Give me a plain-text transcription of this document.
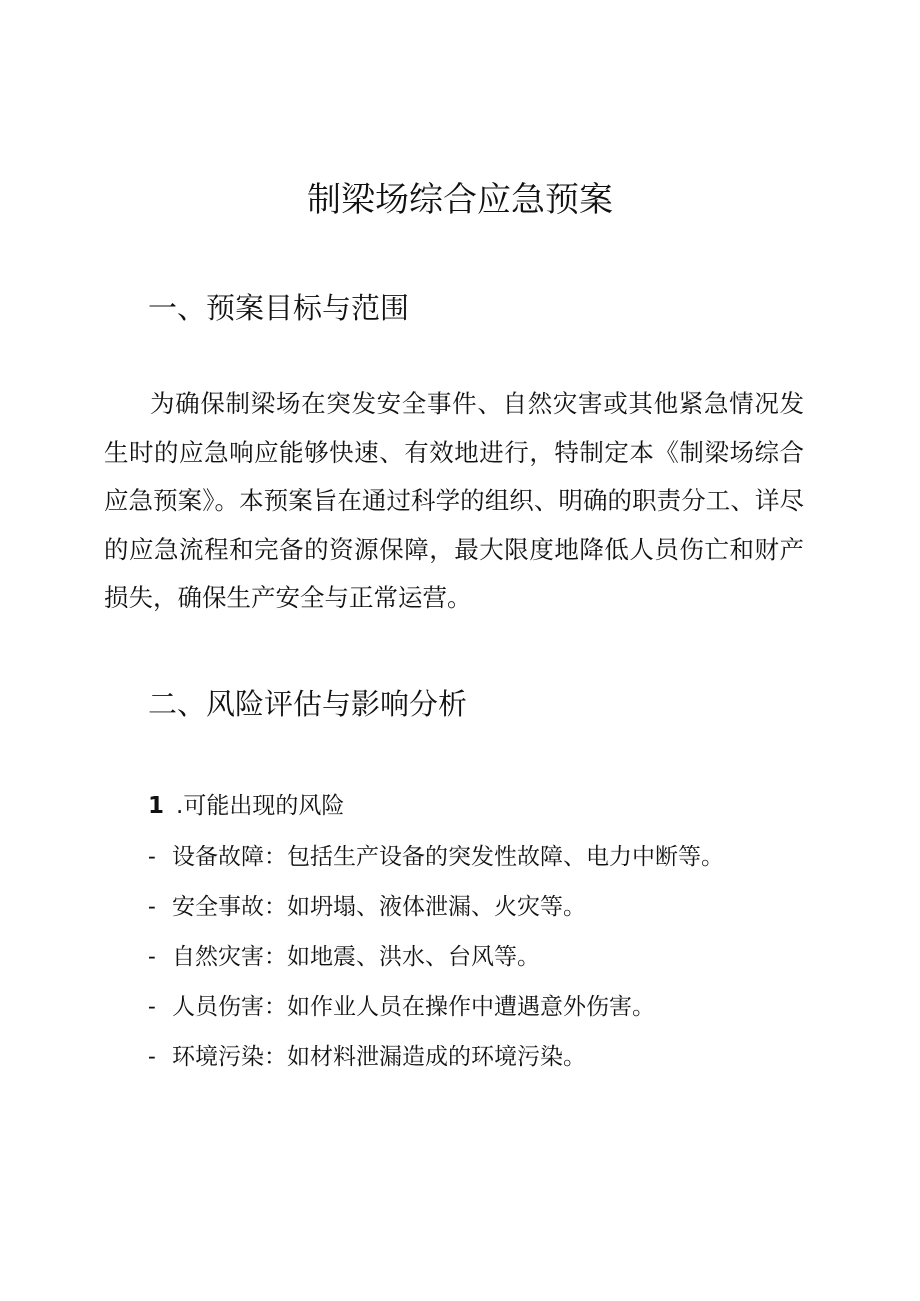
制梁场综合应急预案
一、预案目标与范围

为确保制梁场在突发安全事件、自然灾害或其他紧急情况发生时的应急响应能够快速、有效地进行，特制定本《制梁场综合应急预案》。本预案旨在通过科学的组织、明确的职责分工、详尽的应急流程和完备的资源保障，最大限度地降低人员伤亡和财产损失，确保生产安全与正常运营。

二、风险评估与影响分析
1 .可能出现的风险
- 设备故障：包括生产设备的突发性故障、电力中断等。
- 安全事故：如坍塌、液体泄漏、火灾等。
- 自然灾害：如地震、洪水、台风等。
- 人员伤害：如作业人员在操作中遭遇意外伤害。
- 环境污染：如材料泄漏造成的环境污染。
